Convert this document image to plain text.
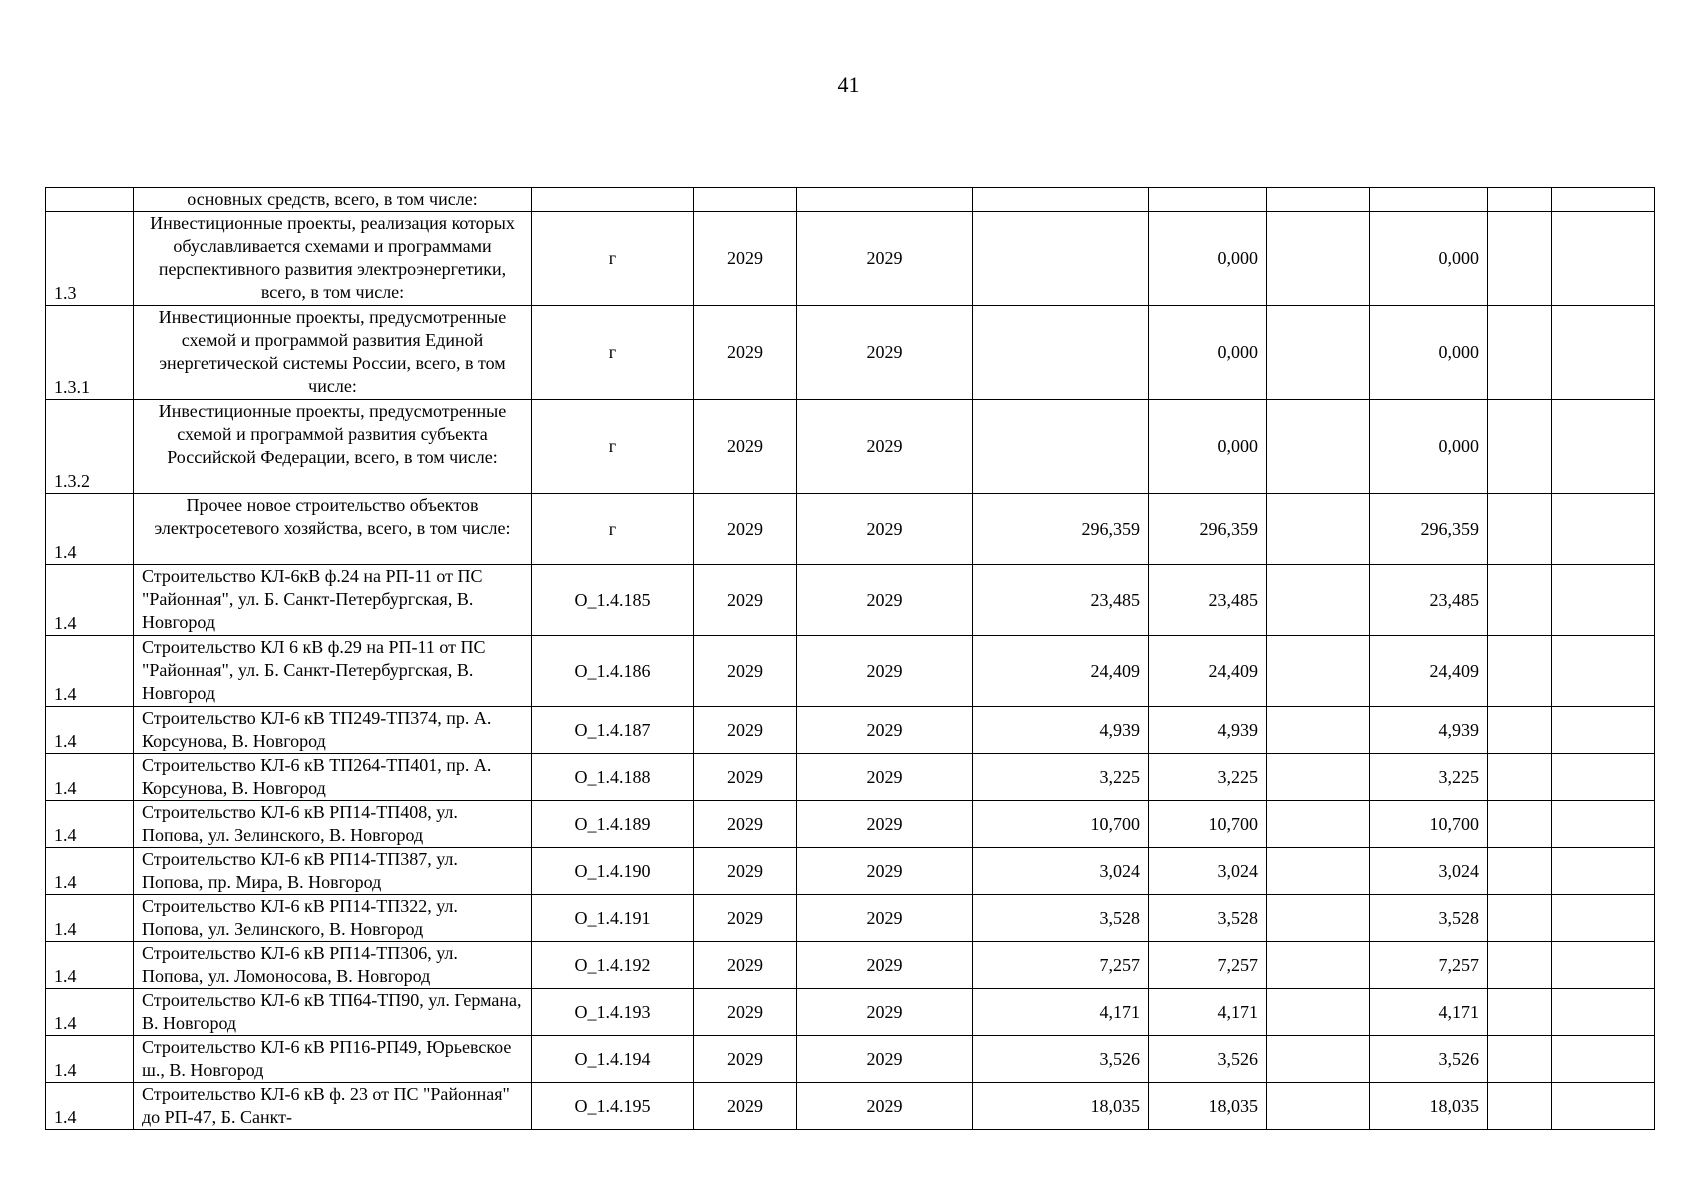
41
	основных средств, всего, в том числе:									
1.3	Инвестиционные проекты, реализация которых обуславливается схемами и программами перспективного развития электроэнергетики, всего, в том числе:	г	2029	2029		0,000		0,000		
1.3.1	Инвестиционные проекты, предусмотренные схемой и программой развития Единой энергетической системы России, всего, в том числе:	г	2029	2029		0,000		0,000		
1.3.2	Инвестиционные проекты, предусмотренные схемой и программой развития субъекта Российской Федерации, всего, в том числе:	г	2029	2029		0,000		0,000		
1.4	Прочее новое строительство объектов электросетевого хозяйства, всего, в том числе:	г	2029	2029	296,359	296,359		296,359		
1.4	Строительство КЛ-6кВ ф.24 на РП-11 от ПС "Районная", ул. Б. Санкт-Петербургская, В. Новгород	О_1.4.185	2029	2029	23,485	23,485		23,485		
1.4	Строительство КЛ 6 кВ ф.29 на РП-11 от ПС "Районная", ул. Б. Санкт-Петербургская, В. Новгород	О_1.4.186	2029	2029	24,409	24,409		24,409		
1.4	Строительство КЛ-6 кВ ТП249-ТП374, пр. А. Корсунова, В. Новгород	О_1.4.187	2029	2029	4,939	4,939		4,939		
1.4	Строительство КЛ-6 кВ ТП264-ТП401, пр. А. Корсунова, В. Новгород	О_1.4.188	2029	2029	3,225	3,225		3,225		
1.4	Строительство КЛ-6 кВ РП14-ТП408, ул. Попова, ул. Зелинского, В. Новгород	О_1.4.189	2029	2029	10,700	10,700		10,700		
1.4	Строительство КЛ-6 кВ РП14-ТП387, ул. Попова, пр. Мира, В. Новгород	О_1.4.190	2029	2029	3,024	3,024		3,024		
1.4	Строительство КЛ-6 кВ РП14-ТП322, ул. Попова, ул. Зелинского, В. Новгород	О_1.4.191	2029	2029	3,528	3,528		3,528		
1.4	Строительство КЛ-6 кВ РП14-ТП306, ул. Попова, ул. Ломоносова, В. Новгород	О_1.4.192	2029	2029	7,257	7,257		7,257		
1.4	Строительство КЛ-6 кВ ТП64-ТП90, ул. Германа, В. Новгород	О_1.4.193	2029	2029	4,171	4,171		4,171		
1.4	Строительство КЛ-6 кВ РП16-РП49, Юрьевское ш., В. Новгород	О_1.4.194	2029	2029	3,526	3,526		3,526		
1.4	Строительство КЛ-6 кВ ф. 23 от ПС "Районная" до РП-47, Б. Санкт-	О_1.4.195	2029	2029	18,035	18,035		18,035		
